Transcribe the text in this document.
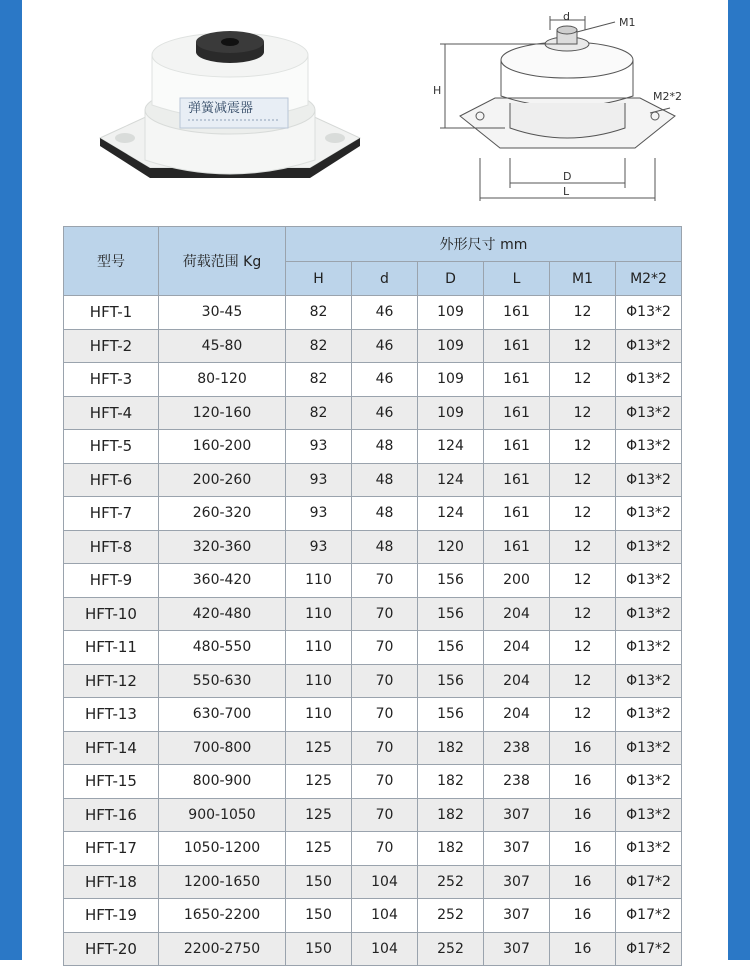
弹簧减震器
d	M1
H	M2*2
D
L
型号	荷载范围 Kg	外形尺寸 mm					
		H	d	D	L	M1	M2*2
HFT-1	30-45	82	46	109	161	12	Φ13*2
HFT-2	45-80	82	46	109	161	12	Φ13*2
HFT-3	80-120	82	46	109	161	12	Φ13*2
HFT-4	120-160	82	46	109	161	12	Φ13*2
HFT-5	160-200	93	48	124	161	12	Φ13*2
HFT-6	200-260	93	48	124	161	12	Φ13*2
HFT-7	260-320	93	48	124	161	12	Φ13*2
HFT-8	320-360	93	48	120	161	12	Φ13*2
HFT-9	360-420	110	70	156	200	12	Φ13*2
HFT-10	420-480	110	70	156	204	12	Φ13*2
HFT-11	480-550	110	70	156	204	12	Φ13*2
HFT-12	550-630	110	70	156	204	12	Φ13*2
HFT-13	630-700	110	70	156	204	12	Φ13*2
HFT-14	700-800	125	70	182	238	16	Φ13*2
HFT-15	800-900	125	70	182	238	16	Φ13*2
HFT-16	900-1050	125	70	182	307	16	Φ13*2
HFT-17	1050-1200	125	70	182	307	16	Φ13*2
HFT-18	1200-1650	150	104	252	307	16	Φ17*2
HFT-19	1650-2200	150	104	252	307	16	Φ17*2
HFT-20	2200-2750	150	104	252	307	16	Φ17*2
